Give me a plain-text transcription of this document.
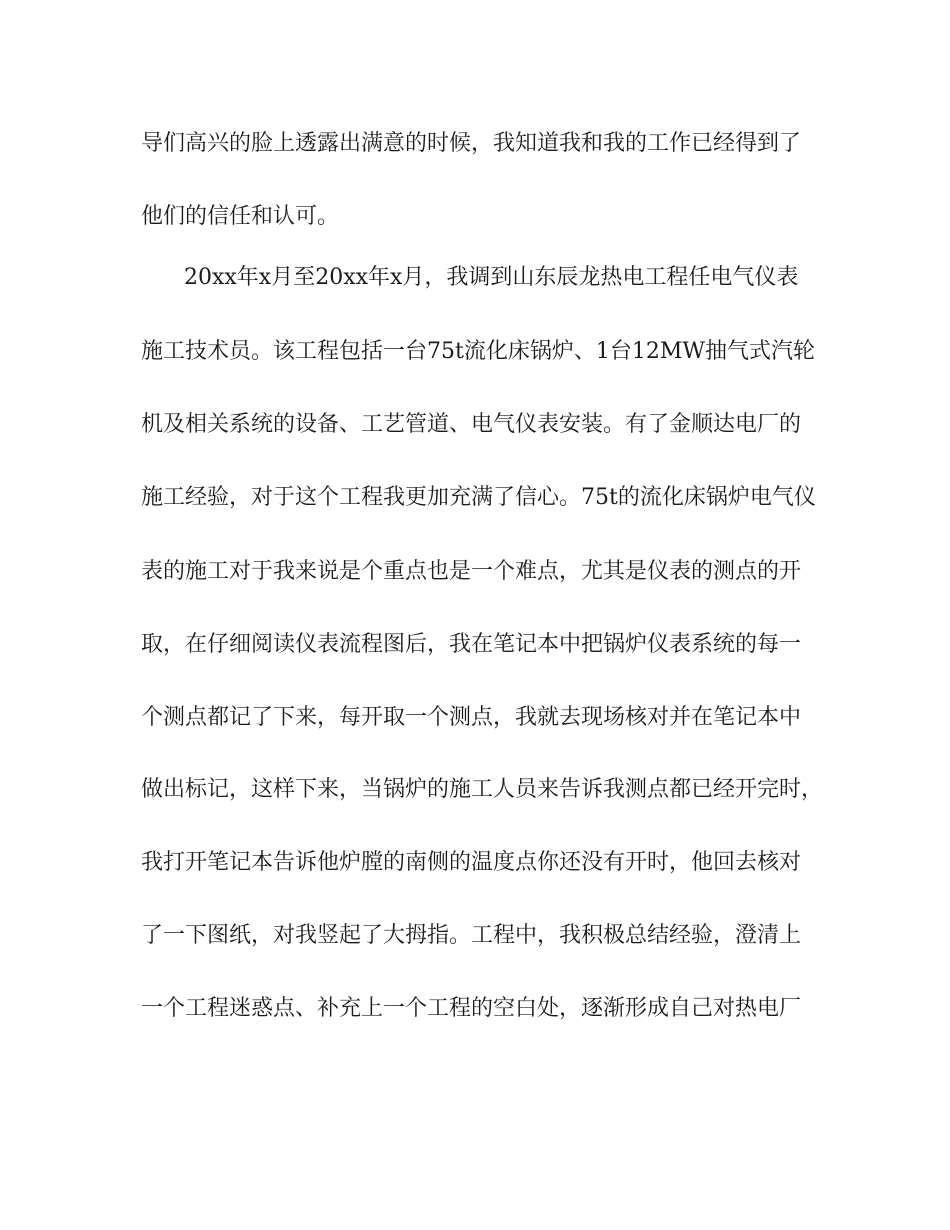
导们高兴的脸上透露出满意的时候，我知道我和我的工作已经得到了

他们的信任和认可。

20xx年x月至20xx年x月，我调到山东辰龙热电工程任电气仪表

施工技术员。该工程包括一台75t流化床锅炉、1台12MW抽气式汽轮

机及相关系统的设备、工艺管道、电气仪表安装。有了金顺达电厂的

施工经验，对于这个工程我更加充满了信心。75t的流化床锅炉电气仪

表的施工对于我来说是个重点也是一个难点，尤其是仪表的测点的开

取，在仔细阅读仪表流程图后，我在笔记本中把锅炉仪表系统的每一

个测点都记了下来，每开取一个测点，我就去现场核对并在笔记本中

做出标记，这样下来，当锅炉的施工人员来告诉我测点都已经开完时，

我打开笔记本告诉他炉膛的南侧的温度点你还没有开时，他回去核对

了一下图纸，对我竖起了大拇指。工程中，我积极总结经验，澄清上

一个工程迷惑点、补充上一个工程的空白处，逐渐形成自己对热电厂
